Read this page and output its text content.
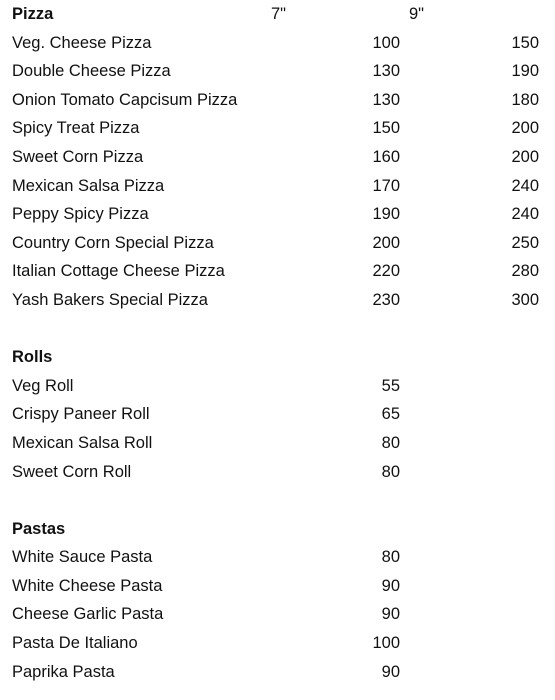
Pizza	7"	9"
Veg. Cheese Pizza	100	150
Double Cheese Pizza	130	190
Onion Tomato Capcisum Pizza	130	180
Spicy Treat Pizza	150	200
Sweet Corn Pizza	160	200
Mexican Salsa Pizza	170	240
Peppy Spicy Pizza	190	240
Country Corn Special Pizza	200	250
Italian Cottage Cheese Pizza	220	280
Yash Bakers Special Pizza	230	300
Rolls
Veg Roll	55
Crispy Paneer Roll	65
Mexican Salsa Roll	80
Sweet Corn Roll	80
Pastas
White Sauce Pasta	80
White Cheese Pasta	90
Cheese Garlic Pasta	90
Pasta De Italiano	100
Paprika Pasta	90
